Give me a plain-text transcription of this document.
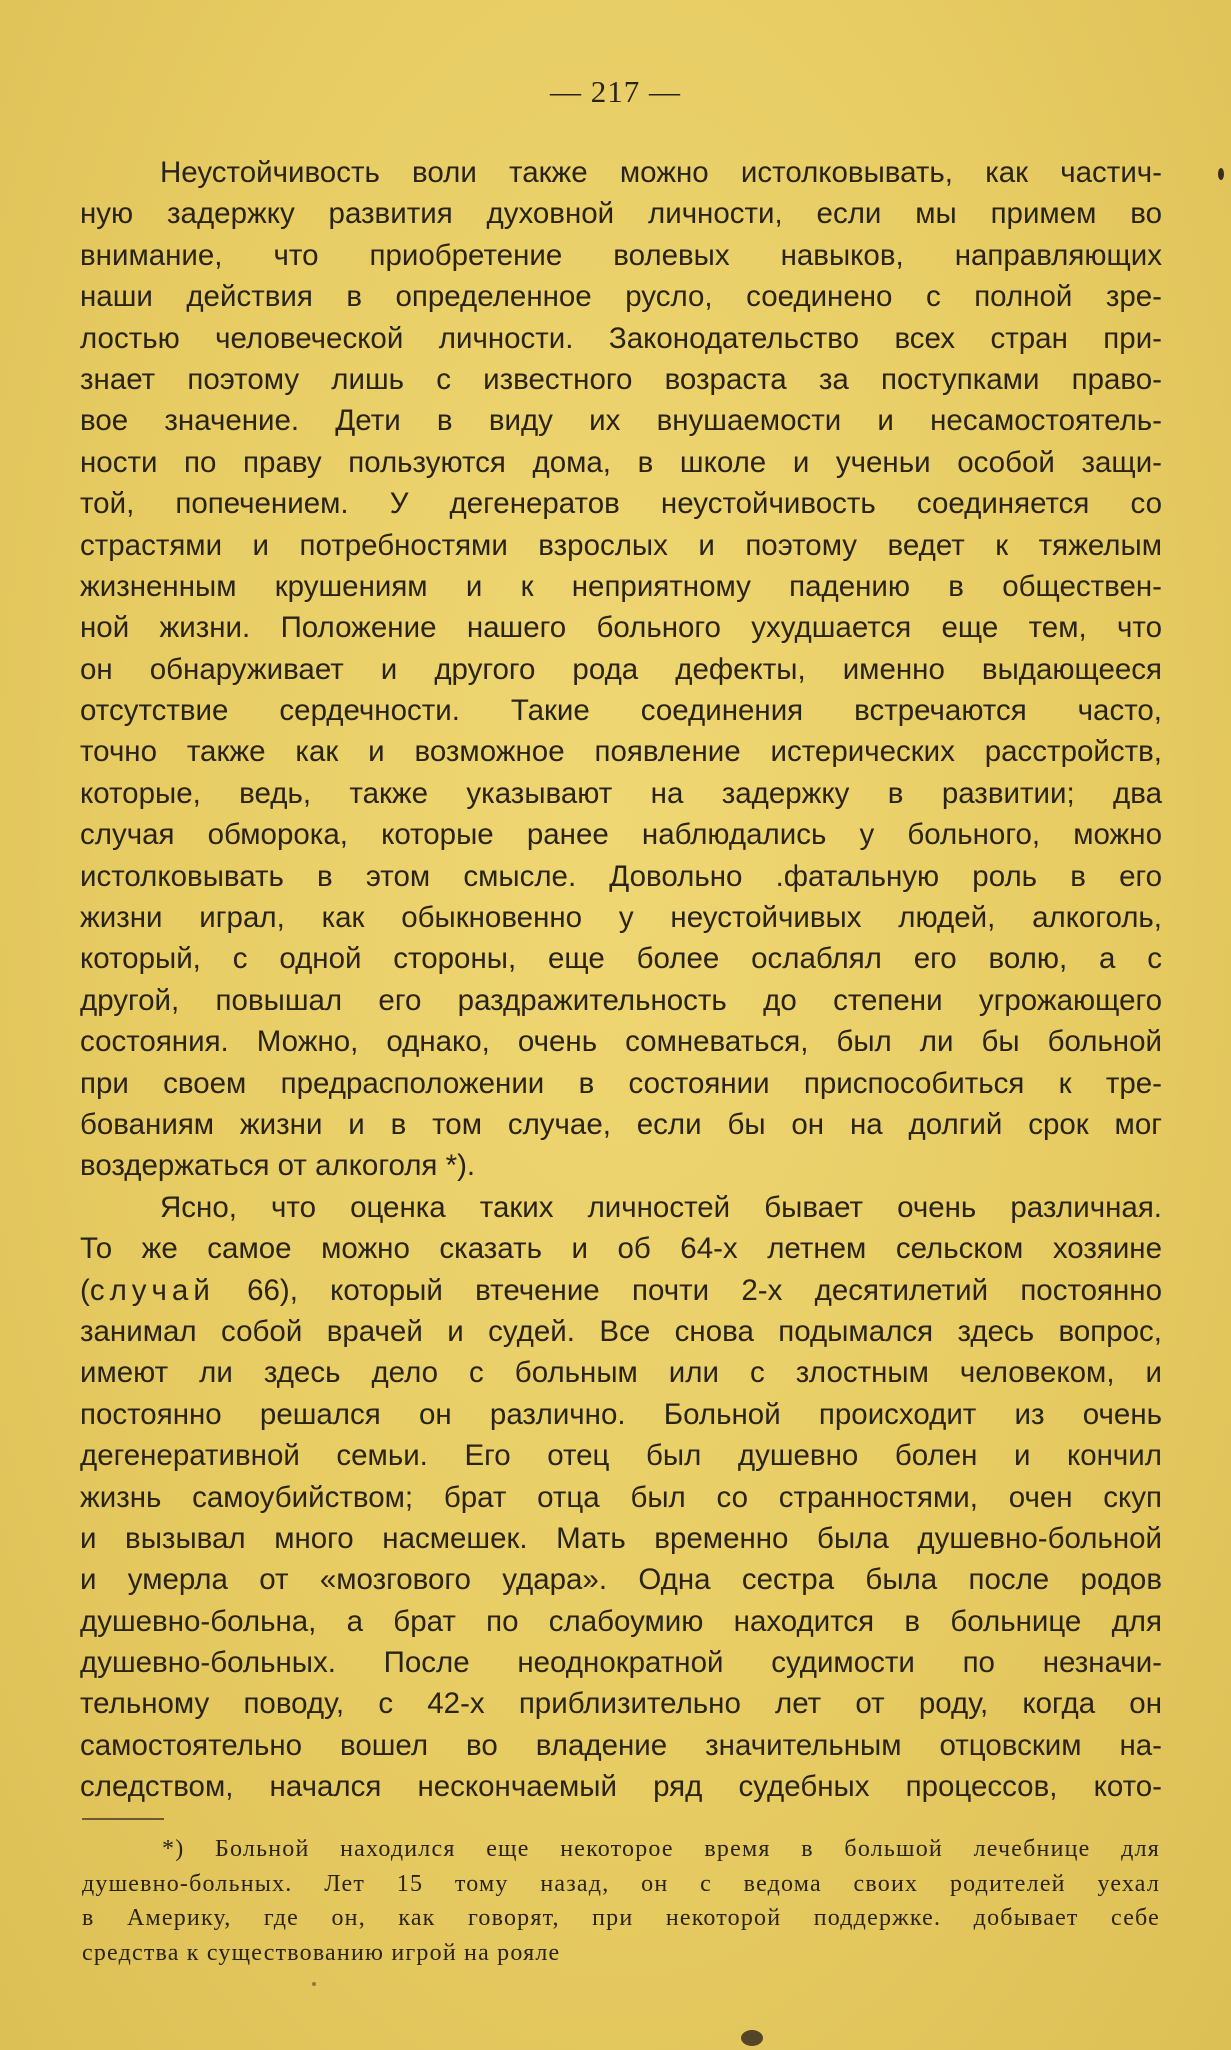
— 217 —
Неустойчивость воли также можно истолковывать, как частич-
ную задержку развития духовной личности, если мы примем во
внимание, что приобретение волевых навыков, направляющих
наши действия в определенное русло, соединено с полной зре-
лостью человеческой личности. Законодательство всех стран при-
знает поэтому лишь с известного возраста за поступками право-
вое значение. Дети в виду их внушаемости и несамостоятель-
ности по праву пользуются дома, в школе и ученьи особой защи-
той, попечением. У дегенератов неустойчивость соединяется со
страстями и потребностями взрослых и поэтому ведет к тяжелым
жизненным крушениям и к неприятному падению в обществен-
ной жизни. Положение нашего больного ухудшается еще тем, что
он обнаруживает и другого рода дефекты, именно выдающееся
отсутствие сердечности. Такие соединения встречаются часто,
точно также как и возможное появление истерических расстройств,
которые, ведь, также указывают на задержку в развитии; два
случая обморока, которые ранее наблюдались у больного, можно
истолковывать в этом смысле. Довольно .фатальную роль в его
жизни играл, как обыкновенно у неустойчивых людей, алкоголь,
который, с одной стороны, еще более ослаблял его волю, а с
другой, повышал его раздражительность до степени угрожающего
состояния. Можно, однако, очень сомневаться, был ли бы больной
при своем предрасположении в состоянии приспособиться к тре-
бованиям жизни и в том случае, если бы он на долгий срок мог
воздержаться от алкоголя *).
Ясно, что оценка таких личностей бывает очень различная.
То же самое можно сказать и об 64-х летнем сельском хозяине
(случай 66), который втечение почти 2-х десятилетий постоянно
занимал собой врачей и судей. Все снова подымался здесь вопрос,
имеют ли здесь дело с больным или с злостным человеком, и
постоянно решался он различно. Больной происходит из очень
дегенеративной семьи. Его отец был душевно болен и кончил
жизнь самоубийством; брат отца был со странностями, очен скуп
и вызывал много насмешек. Мать временно была душевно-больной
и умерла от «мозгового удара». Одна сестра была после родов
душевно-больна, а брат по слабоумию находится в больнице для
душевно-больных. После неоднократной судимости по незначи-
тельному поводу, с 42-х приблизительно лет от роду, когда он
самостоятельно вошел во владение значительным отцовским на-
следством, начался нескончаемый ряд судебных процессов, кото-
*) Больной находился еще некоторое время в большой лечебнице для
душевно-больных. Лет 15 тому назад, он с ведома своих родителей уехал
в Америку, где он, как говорят, при некоторой поддержке. добывает себе
средства к существованию игрой на рояле
